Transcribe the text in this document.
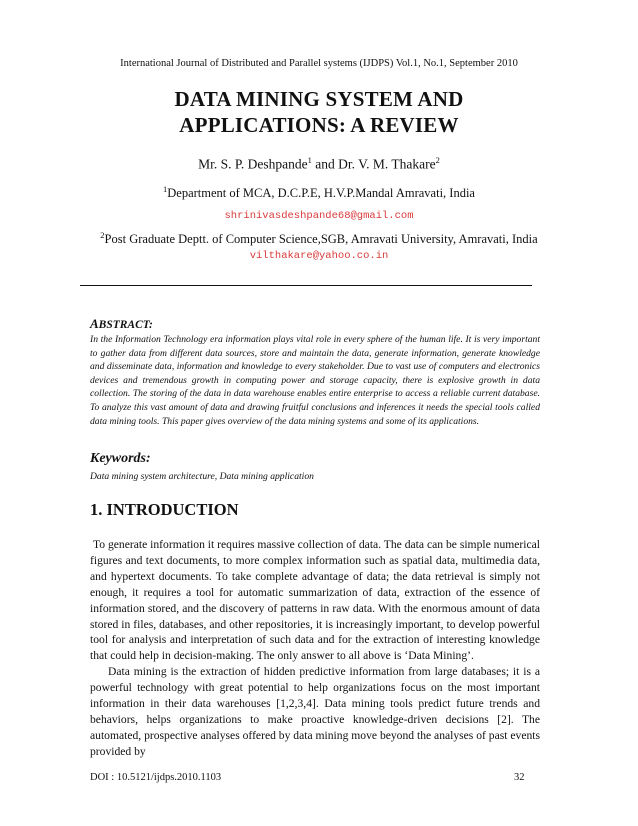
International Journal of Distributed and Parallel systems (IJDPS) Vol.1, No.1, September 2010
DATA MINING SYSTEM AND
APPLICATIONS: A REVIEW
Mr. S. P. Deshpande$^1$ and Dr. V. M. Thakare$^2$
$^1$Department of MCA, D.C.P.E, H.V.P.Mandal Amravati, India
shrinivasdeshpande68@gmail.com
$^2$Post Graduate Deptt. of Computer Science,SGB, Amravati University, Amravati, India
vilthakare@yahoo.co.in
ABSTRACT:
In the Information Technology era information plays vital role in every sphere of the human life. It is very important to gather data from different data sources, store and maintain the data, generate information, generate knowledge and disseminate data, information and knowledge to every stakeholder. Due to vast use of computers and electronics devices and tremendous growth in computing power and storage capacity, there is explosive growth in data collection. The storing of the data in data warehouse enables entire enterprise to access a reliable current database. To analyze this vast amount of data and drawing fruitful conclusions and inferences it needs the special tools called data mining tools. This paper gives overview of the data mining systems and some of its applications.
Keywords:
Data mining system architecture, Data mining application
1. INTRODUCTION

To generate information it requires massive collection of data. The data can be simple numerical figures and text documents, to more complex information such as spatial data, multimedia data, and hypertext documents. To take complete advantage of data; the data retrieval is simply not enough, it requires a tool for automatic summarization of data, extraction of the essence of information stored, and the discovery of patterns in raw data. With the enormous amount of data stored in files, databases, and other repositories, it is increasingly important, to develop powerful tool for analysis and interpretation of such data and for the extraction of interesting knowledge that could help in decision-making. The only answer to all above is ‘Data Mining’.

Data mining is the extraction of hidden predictive information from large databases; it is a powerful technology with great potential to help organizations focus on the most important information in their data warehouses [1,2,3,4]. Data mining tools predict future trends and behaviors, helps organizations to make proactive knowledge-driven decisions [2]. The automated, prospective analyses offered by data mining move beyond the analyses of past events provided by

DOI : 10.5121/ijdps.2010.1103	32
